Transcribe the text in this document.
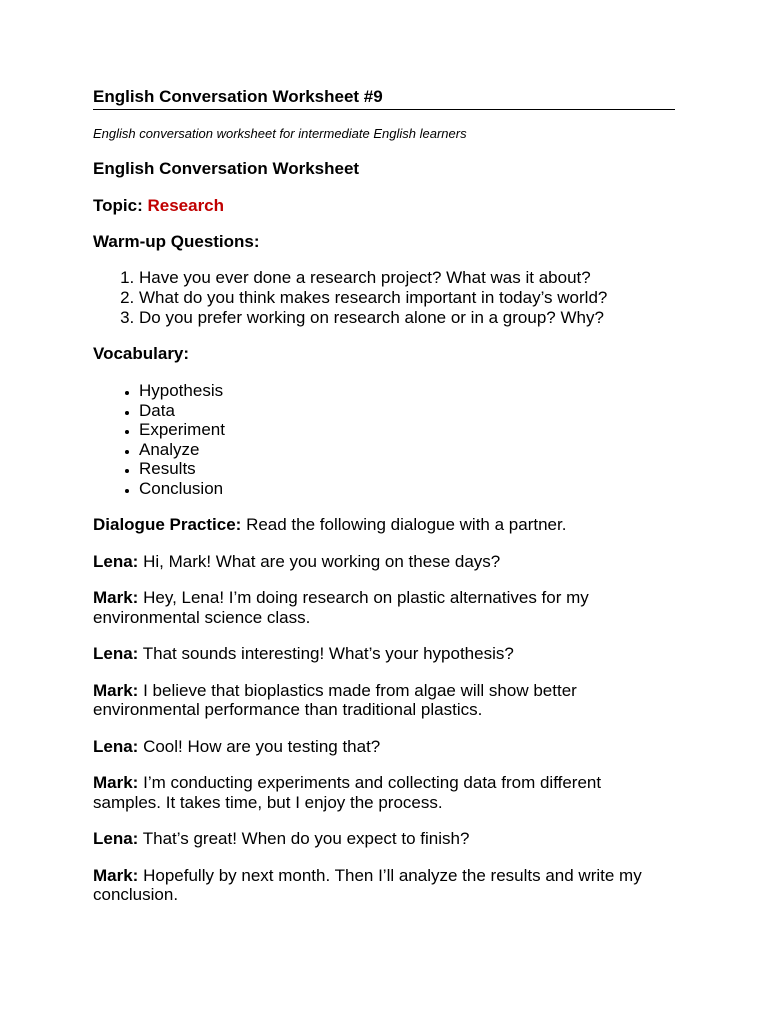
English Conversation Worksheet #9

English conversation worksheet for intermediate English learners

English Conversation Worksheet

Topic: Research

Warm-up Questions:

1. Have you ever done a research project? What was it about?
2. What do you think makes research important in today’s world?
3. Do you prefer working on research alone or in a group? Why?

Vocabulary:

• Hypothesis
• Data
• Experiment
• Analyze
• Results
• Conclusion

Dialogue Practice: Read the following dialogue with a partner.

Lena: Hi, Mark! What are you working on these days?

Mark: Hey, Lena! I’m doing research on plastic alternatives for my environmental science class.

Lena: That sounds interesting! What’s your hypothesis?

Mark: I believe that bioplastics made from algae will show better environmental performance than traditional plastics.

Lena: Cool! How are you testing that?

Mark: I’m conducting experiments and collecting data from different samples. It takes time, but I enjoy the process.

Lena: That’s great! When do you expect to finish?

Mark: Hopefully by next month. Then I’ll analyze the results and write my conclusion.
